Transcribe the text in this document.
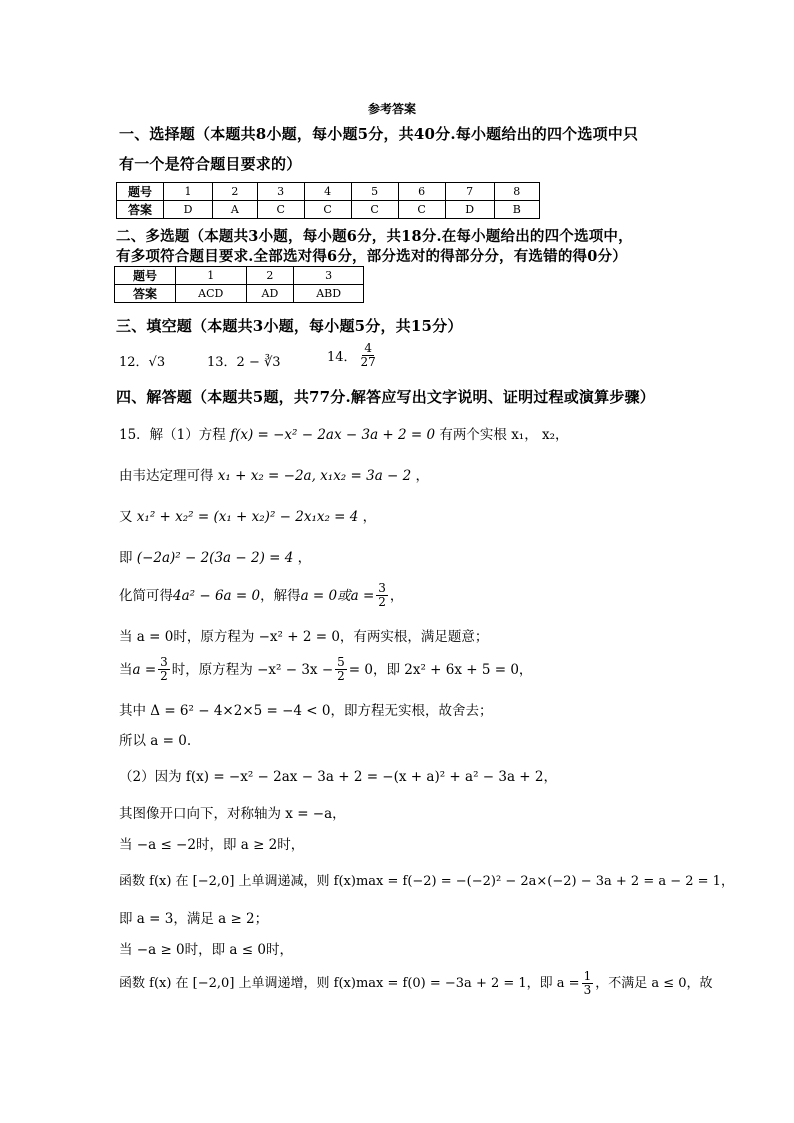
参考答案
一、选择题（本题共8小题，每小题5分，共40分.每小题给出的四个选项中只
有一个是符合题目要求的）
题号	1	2	3	4	5	6	7	8
答案	D	A	C	C	C	C	D	B
二、多选题（本题共3小题，每小题6分，共18分.在每小题给出的四个选项中，
有多项符合题目要求.全部选对得6分，部分选对的得部分分，有选错的得0分）
题号	1	2	3
答案	ACD	AD	ABD
三、填空题（本题共3小题，每小题5分，共15分）
12．√3	13．2 − ∛3	14． $\frac{4}{27}$
四、解答题（本题共5题，共77分.解答应写出文字说明、证明过程或演算步骤）
15．解（1）方程 f(x) = −x² − 2ax − 3a + 2 = 0 有两个实根 x₁， x₂，
由韦达定理可得 x₁ + x₂ = −2a, x₁x₂ = 3a − 2 ，
又 x₁² + x₂² = (x₁ + x₂)² − 2x₁x₂ = 4 ，
即 (−2a)² − 2(3a − 2) = 4 ，
化简可得 4a² − 6a = 0 ，解得 a = 0或$a = \frac{3}{2}$ ，
当 a = 0时，原方程为 −x² + 2 = 0，有两实根，满足题意；
当 $a = \frac{3}{2}$ 时，原方程为 $-x^2 - 3x - \frac{5}{2} = 0$，即 2x² + 6x + 5 = 0，
其中 Δ = 6² − 4×2×5 = −4 < 0，即方程无实根，故舍去；
所以 a = 0.
（2）因为 f(x) = −x² − 2ax − 3a + 2 = −(x + a)² + a² − 3a + 2，
其图像开口向下，对称轴为 x = −a，
当 −a ≤ −2时，即 a ≥ 2时，
函数 f(x) 在 [−2,0] 上单调递减，则 f(x)max = f(−2) = −(−2)² − 2a×(−2) − 3a + 2 = a − 2 = 1，
即 a = 3，满足 a ≥ 2；
当 −a ≥ 0时，即 a ≤ 0时，
函数 f(x) 在 [−2,0] 上单调递增，则 f(x)max = f(0) = −3a + 2 = 1，即 $a = \frac{1}{3}$ ，不满足 a ≤ 0，故
